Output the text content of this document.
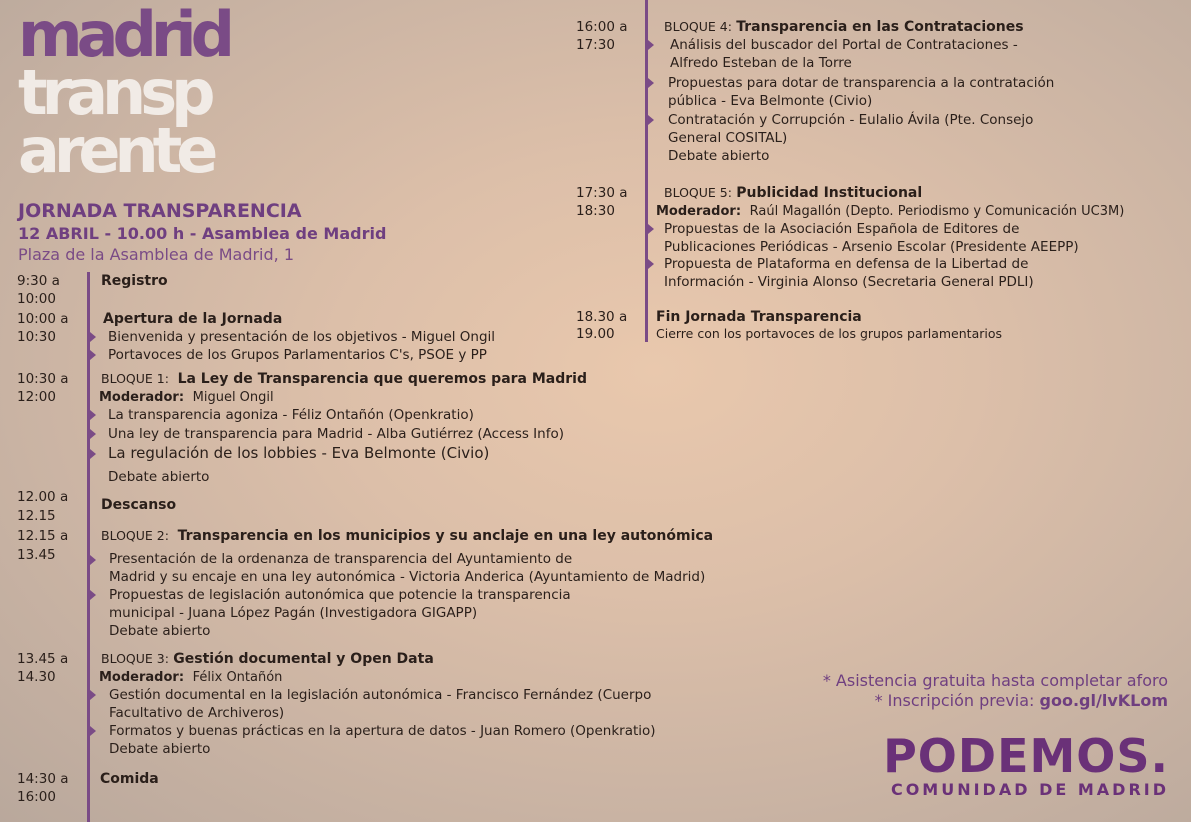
madrid
transp
arente
JORNADA TRANSPARENCIA
12 ABRIL - 10.00 h - Asamblea de Madrid
Plaza de la Asamblea de Madrid, 1
9:30 a
10:00
Registro
10:00 a
10:30
Apertura de la Jornada
Bienvenida y presentación de los objetivos - Miguel Ongil
Portavoces de los Grupos Parlamentarios C's, PSOE y PP
10:30 a
12:00
BLOQUE 1: La Ley de Transparencia que queremos para Madrid
Moderador: Miguel Ongil
La transparencia agoniza - Féliz Ontañón (Openkratio)
Una ley de transparencia para Madrid - Alba Gutiérrez (Access Info)
La regulación de los lobbies - Eva Belmonte (Civio)
Debate abierto
12.00 a
12.15
Descanso
12.15 a
13.45
BLOQUE 2: Transparencia en los municipios y su anclaje en una ley autonómica
Presentación de la ordenanza de transparencia del Ayuntamiento de
Madrid y su encaje en una ley autonómica - Victoria Anderica (Ayuntamiento de Madrid)
Propuestas de legislación autonómica que potencie la transparencia
municipal - Juana López Pagán (Investigadora GIGAPP)
Debate abierto
13.45 a
14.30
BLOQUE 3: Gestión documental y Open Data
Moderador: Félix Ontañón
Gestión documental en la legislación autonómica - Francisco Fernández (Cuerpo
Facultativo de Archiveros)
Formatos y buenas prácticas en la apertura de datos - Juan Romero (Openkratio)
Debate abierto
14:30 a
16:00
Comida
16:00 a
17:30
BLOQUE 4: Transparencia en las Contrataciones
Análisis del buscador del Portal de Contrataciones -
Alfredo Esteban de la Torre
Propuestas para dotar de transparencia a la contratación
pública - Eva Belmonte (Civio)
Contratación y Corrupción - Eulalio Ávila (Pte. Consejo
General COSITAL)
Debate abierto
17:30 a
18:30
BLOQUE 5: Publicidad Institucional
Moderador: Raúl Magallón (Depto. Periodismo y Comunicación UC3M)
Propuestas de la Asociación Española de Editores de
Publicaciones Periódicas - Arsenio Escolar (Presidente AEEPP)
Propuesta de Plataforma en defensa de la Libertad de
Información - Virginia Alonso (Secretaria General PDLI)
18.30 a
19.00
Fin Jornada Transparencia
Cierre con los portavoces de los grupos parlamentarios
* Asistencia gratuita hasta completar aforo
* Inscripción previa: goo.gl/lvKLom
PODEMOS.
COMUNIDAD DE MADRID
